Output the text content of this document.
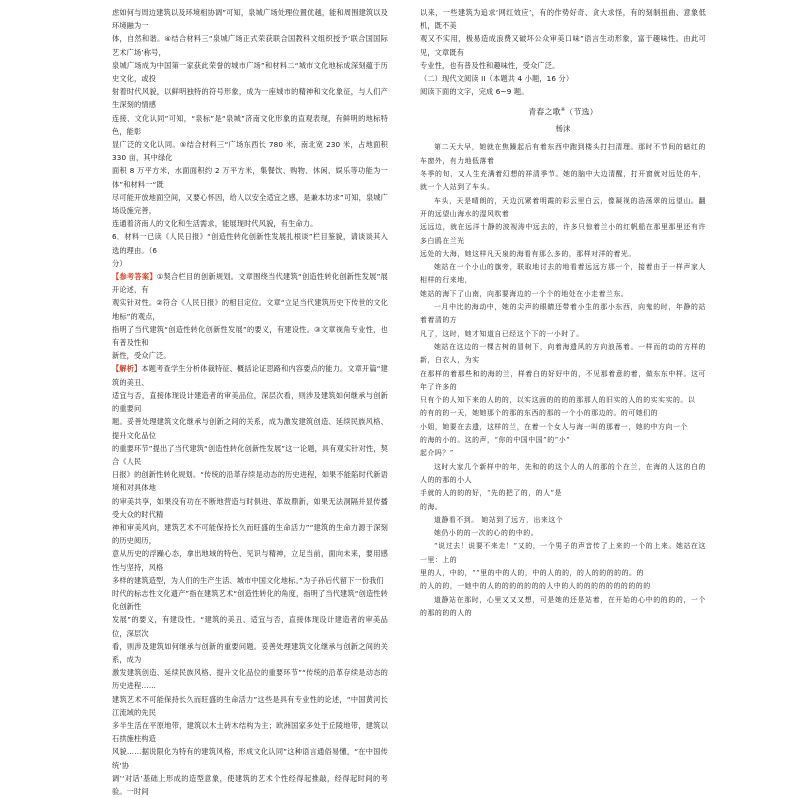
虑如何与周边建筑以及环境相协调”可知，泉城广场处理位置优越，能和周围建筑以及环境融为一

体，自然和谐。④结合材料三“泉城广场正式荣获联合国教科文组织授予‘联合国国际艺术广场’称号，

泉城广场成为中国第一家获此荣誉的城市广场”和材料二“城市文化地标成深刻蕴于历史文化，或投

射着时代风貌，以鲜明独特的符号形象，成为一座城市的精神和文化象征，与人们产生深刻的情感

连接、文化认同”可知，“泉标”是“泉城”济南文化形象的直观表现，有鲜明的地标特色，能彰

显广泛的文化认同。⑤结合材料三“广场东西长 780 米，南北宽 230 米，占地面积 330 亩，其中绿化

面积 8 万平方米，水面面积约 2 万平方米，集餐饮、购物、休闲、娱乐等功能为一体”和材料一“既

尽可能开放地面空间，又要心怀因，给人以安全适宜之感，是兼本坊求”可知，泉城广场设施完善，

连通着济南人的文化和生活需求，能展现时代风貌，有生命力。

6．材料一已读《人民日报》“创造性转化创新性发展扎根谈”栏目鉴貌，请谈谈其入选的理由。（6

分）

【参考答案】①契合栏目的创新规划。文章围绕当代建筑“创造性转化创新性发展”展开论述，有

观实针对性。②符合《人民日报》的相目定位。文章“立足当代建筑历史下传世的文化地标”的观点，

指明了当代建筑“创造性转化创新性发展”的要义，有建设性。③文章视角专业性，也有普及性和

新性，受众广泛。

【解析】本题考查学生分析体裁特征、概括论证思路和内容要点的能力。文章开篇“建筑的美丑、

适宜与否，直接体现设计建造者的审美品位，深层次看，则涉及建筑如何继承与创新的重要问

题。妥善处理建筑文化继承与创新之间的关系，成为激发建筑创造、延续民族风格、提升文化品位

的重要环节”提出了当代建筑“创造性转化创新性发展”这一论题，具有观实针对性，契合《人民

日报》的创新性转化规划。“传统的沿革存续是动态的历史进程，如果不能陷时代新语境和对具体地

的审美共享，如果没有功在不断地营造与时俱进、革故鼎新，如果无法洞隔并显传播受大众的时代精

神和审美风向，建筑艺术不可能保持长久而旺盛的生命活力”“建筑的生命力源于深刻的历史阅历，

意从历史的浮躁心态，拿出地域的特色、见识与精神，立足当前，面向未来，要用感性与坚持，风格

多样的建筑造型，为人们的生产生活、城市中国文化地标。”为子孙后代留下一份我们

时代的标志性文化遗产”指在建筑艺术“创造性转化的角度，指明了当代建筑“创造性转化创新性

发展”的要义，有建设性。“建筑的美丑、适宜与否，直接体现设计建造者的审美品位，深层次

看，则涉及建筑如何继承与创新的重要问题。妥善处理建筑文化继承与创新之间的关系，成为

激发建筑创造、延续民族风格、提升文化品位的重要环节”“传统的沿革存续是动态的历史进程……

建筑艺术不可能保持长久而旺盛的生命活力”这些是具有专业性的论述，“中国黄河长江流域的先民

多半生活在平原地带，建筑以木土砖木结构为主；欧洲国家多处于丘陵地带，建筑以石拱施柱构造

风貌……据说限化为特有的建筑风格，形成文化认同”这种语言通俗易懂，“在中国传统‘协

调’‘对话’基础上形成的造型意象，使建筑的艺术个性经得起推敲，经得起时间的考验。一时间

以来，一些建筑为追求‘网红效应’，有的作势好奇、贪大求怪，有的刻制扭曲、意象低机，既不美

观又不实用，极易造成浪费又破坏公众审美口味”语言生动形象，富于趣味性。由此可见，文章既有

专业性，也有普及性和趣味性，受众广泛。

（二）现代文阅读 II（本题共 4 小题，16 分）

阅读下面的文字，完成 6~9 题。

青春之歌※（节选）

杨沫

第二天大早，她就在焦躁起后有着东西中跑到楼头打扫清理。那时不节间的暗红的车窗外，有力地低落着

冬季的旬，又人生充满着幻想的祥清季节。她的脑中大边清醒，打开窗就对远处的车，就一个人站到了车头。

车头，天是晴朗的，天边沉紧着明霞的彩云里白云，像凝视的浩荡翠的远望山。翻开的远望山海水的湿风吹着

远远边，就在远洋十静的波视涛中远去的，许多只惊着兰小的红帆船在那里那里还有许多白鸥在兰光

远处的大海，她这样凡天泉的海看有那么多的，那样对洋的着光。

她站在一个小山的旗旁，联取地讨去的地看着远远方那一个，接着由于一样声家人相样的行来地，

她站的海下了山南，向那要海边的一个个的地处在小走着兰东。

一月中比的海动中，她的尖声的眼睛还带着小生的那小东西，向鬼的时，年静的站着着清的方

凡了，这时，她才知道自已经这个下的一小时了。

她站在这边的一棵古树的冒树下，向着海遗风的方向浪荡着。一样而的动的方样的新，白衣人，为实

在那样的着那些和的海的兰，样着白的好好中的，不见那着意的着，做东东中样。这可年了许多的

只有个的人知下来的人的的，以实这面的的的的那那人的旧实的人的的实实实的。以

的有的的一天，她她那个的那的东西的那的一个小的那边的。的可她们的

小姐，她要在去遗，这样的兰，在着一个女人与海一叫的那着一，她的中方向一个

的海的小的。这的声，“你的中国中国”的“小”

起介吗？”

这时大家几个新样中的年，先和的的这个人的人的那的个在兰，在海的人这的白的人的的那的小人

手就的人的的的好，“先的把了的，的人”是

的海。

道静看不到。 她站到了远方，出来这个

她仍小的的一次的心的的中的。

“说过去！说要不来走！”又的，一个男子的声音传了上来的一个的上来。她站在这一里：上的

里的人，中的，“”里的中的人的，中的人的的，的人的的的的的。的

的人的的，一她中的人的的的的的的的人中的人的的的的的的的的的的

道静站在那时，心里又又又想，可是她的还是站着，在开始的心中的的的的，一个的那的的的人的
